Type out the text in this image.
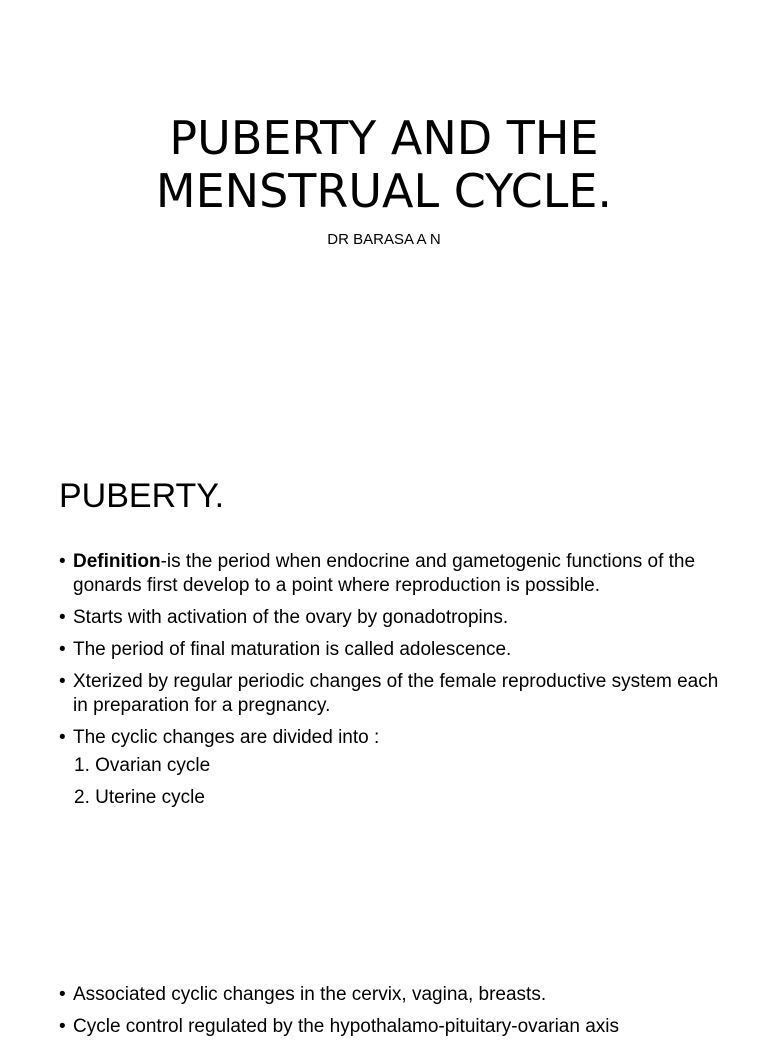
PUBERTY AND THE
MENSTRUAL CYCLE.
DR BARASA A N
PUBERTY.
• Definition-is the period when endocrine and gametogenic functions of the gonards first develop to a point where reproduction is possible.
• Starts with activation of the ovary by gonadotropins.
• The period of final maturation is called adolescence.
• Xterized by regular periodic changes of the female reproductive system each in preparation for a pregnancy.
• The cyclic changes are divided into :
1. Ovarian cycle
2. Uterine cycle
• Associated cyclic changes in the cervix, vagina, breasts.
• Cycle control regulated by the hypothalamo-pituitary-ovarian axis
